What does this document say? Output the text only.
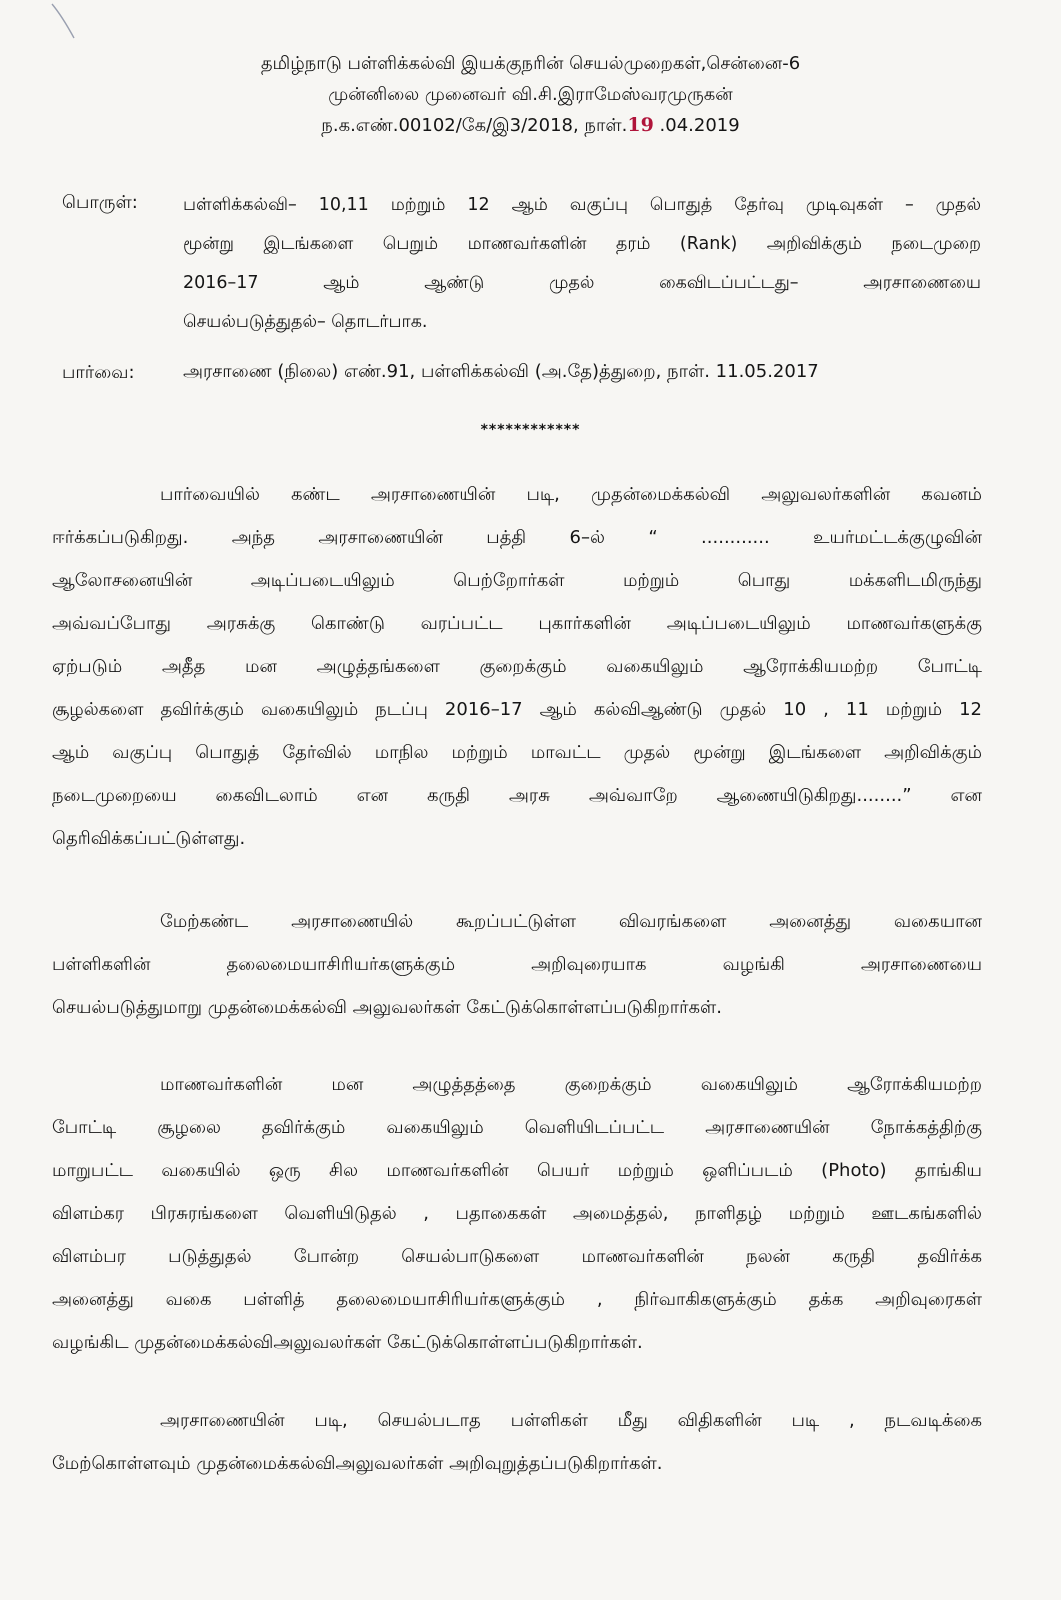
தமிழ்நாடு பள்ளிக்கல்வி இயக்குநரின் செயல்முறைகள்,சென்னை-6
முன்னிலை முனைவர் வி.சி.இராமேஸ்வரமுருகன்
ந.க.எண்.00102/கே/இ3/2018, நாள்.19 .04.2019
பொருள்:	பள்ளிக்கல்வி– 10,11 மற்றும் 12 ஆம் வகுப்பு பொதுத் தேர்வு முடிவுகள் – முதல்
மூன்று இடங்களை பெறும் மாணவர்களின் தரம் (Rank) அறிவிக்கும் நடைமுறை
2016–17 ஆம் ஆண்டு முதல் கைவிடப்பட்டது– அரசாணையை
செயல்படுத்துதல்– தொடர்பாக.
பார்வை:	அரசாணை (நிலை) எண்.91, பள்ளிக்கல்வி (அ.தே)த்துறை, நாள். 11.05.2017
************
பார்வையில் கண்ட அரசாணையின் படி, முதன்மைக்கல்வி அலுவலர்களின் கவனம்
ஈர்க்கப்படுகிறது. அந்த அரசாணையின் பத்தி 6–ல் “ ............ உயர்மட்டக்குழுவின்
ஆலோசனையின் அடிப்படையிலும் பெற்றோர்கள் மற்றும் பொது மக்களிடமிருந்து
அவ்வப்போது அரசுக்கு கொண்டு வரப்பட்ட புகார்களின் அடிப்படையிலும் மாணவர்களுக்கு
ஏற்படும் அதீத மன அழுத்தங்களை குறைக்கும் வகையிலும் ஆரோக்கியமற்ற போட்டி
சூழல்களை தவிர்க்கும் வகையிலும் நடப்பு 2016–17 ஆம் கல்விஆண்டு முதல் 10 , 11 மற்றும் 12
ஆம் வகுப்பு பொதுத் தேர்வில் மாநில மற்றும் மாவட்ட முதல் மூன்று இடங்களை அறிவிக்கும்
நடைமுறையை கைவிடலாம் என கருதி அரசு அவ்வாறே ஆணையிடுகிறது........” என
தெரிவிக்கப்பட்டுள்ளது.
மேற்கண்ட அரசாணையில் கூறப்பட்டுள்ள விவரங்களை அனைத்து வகையான
பள்ளிகளின் தலைமையாசிரியர்களுக்கும் அறிவுரையாக வழங்கி அரசாணையை
செயல்படுத்துமாறு முதன்மைக்கல்வி அலுவலர்கள் கேட்டுக்கொள்ளப்படுகிறார்கள்.
மாணவர்களின் மன அழுத்தத்தை குறைக்கும் வகையிலும் ஆரோக்கியமற்ற
போட்டி சூழலை தவிர்க்கும் வகையிலும் வெளியிடப்பட்ட அரசாணையின் நோக்கத்திற்கு
மாறுபட்ட வகையில் ஒரு சில மாணவர்களின் பெயர் மற்றும் ஒளிப்படம் (Photo) தாங்கிய
விளம்கர பிரசுரங்களை வெளியிடுதல் , பதாகைகள் அமைத்தல், நாளிதழ் மற்றும் ஊடகங்களில்
விளம்பர படுத்துதல் போன்ற செயல்பாடுகளை மாணவர்களின் நலன் கருதி தவிர்க்க
அனைத்து வகை பள்ளித் தலைமையாசிரியர்களுக்கும் , நிர்வாகிகளுக்கும் தக்க அறிவுரைகள்
வழங்கிட முதன்மைக்கல்விஅலுவலர்கள் கேட்டுக்கொள்ளப்படுகிறார்கள்.
அரசாணையின் படி, செயல்படாத பள்ளிகள் மீது விதிகளின் படி , நடவடிக்கை
மேற்கொள்ளவும் முதன்மைக்கல்விஅலுவலர்கள் அறிவுறுத்தப்படுகிறார்கள்.
